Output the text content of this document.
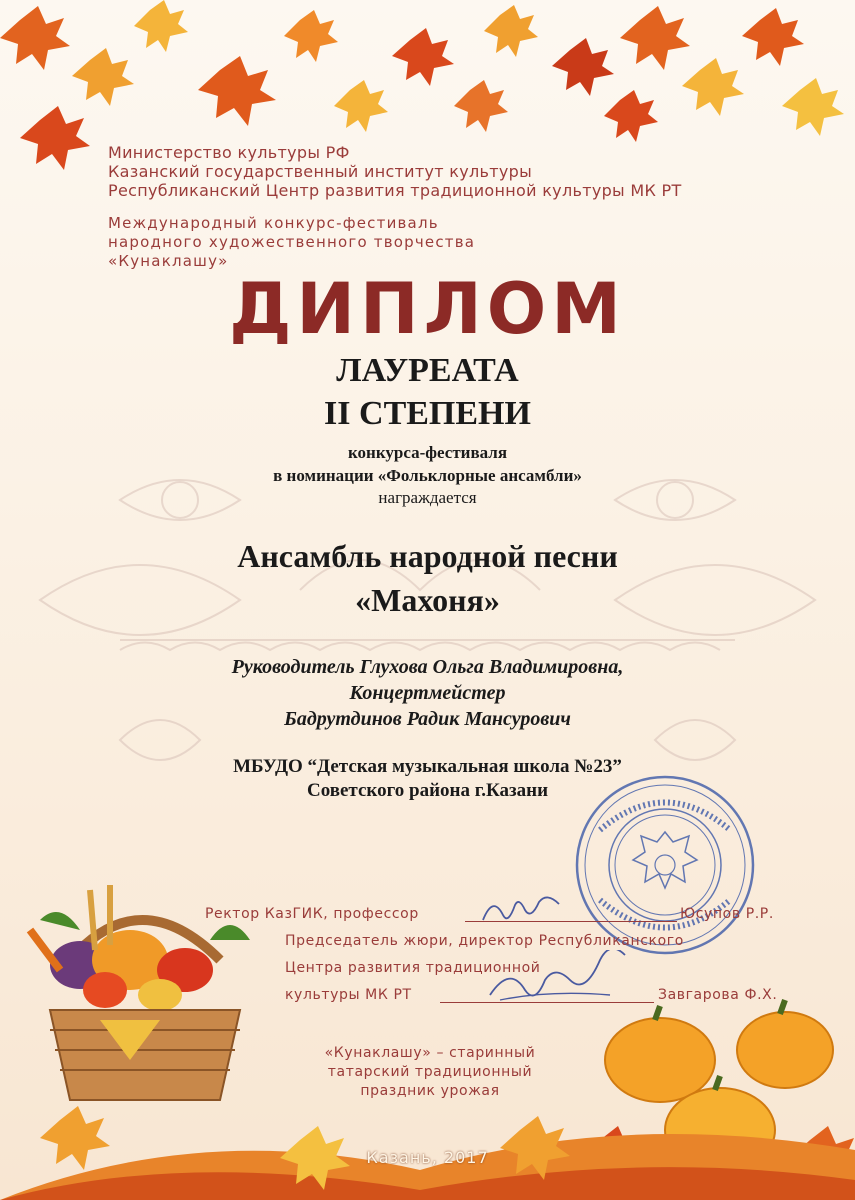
Министерство культуры РФ
Казанский государственный институт культуры
Республиканский Центр развития традиционной культуры МК РТ
Международный конкурс-фестиваль
народного художественного творчества
«Кунаклашу»
ДИПЛОМ
ЛАУРЕАТА
II СТЕПЕНИ
конкурса-фестиваля
в номинации «Фольклорные ансамбли»
награждается
Ансамбль народной песни
«Махоня»
Руководитель Глухова Ольга Владимировна,
Концертмейстер
Бадрутдинов Радик Мансурович
МБУДО “Детская музыкальная школа №23”
Советского района г.Казани
Ректор КазГИК, профессор	Юсупов Р.Р.
Председатель жюри, директор Республиканского
Центра развития традиционной
культуры МК РТ	Завгарова Ф.Х.
«Кунаклашу» – старинный
татарский традиционный
праздник урожая
Казань, 2017
